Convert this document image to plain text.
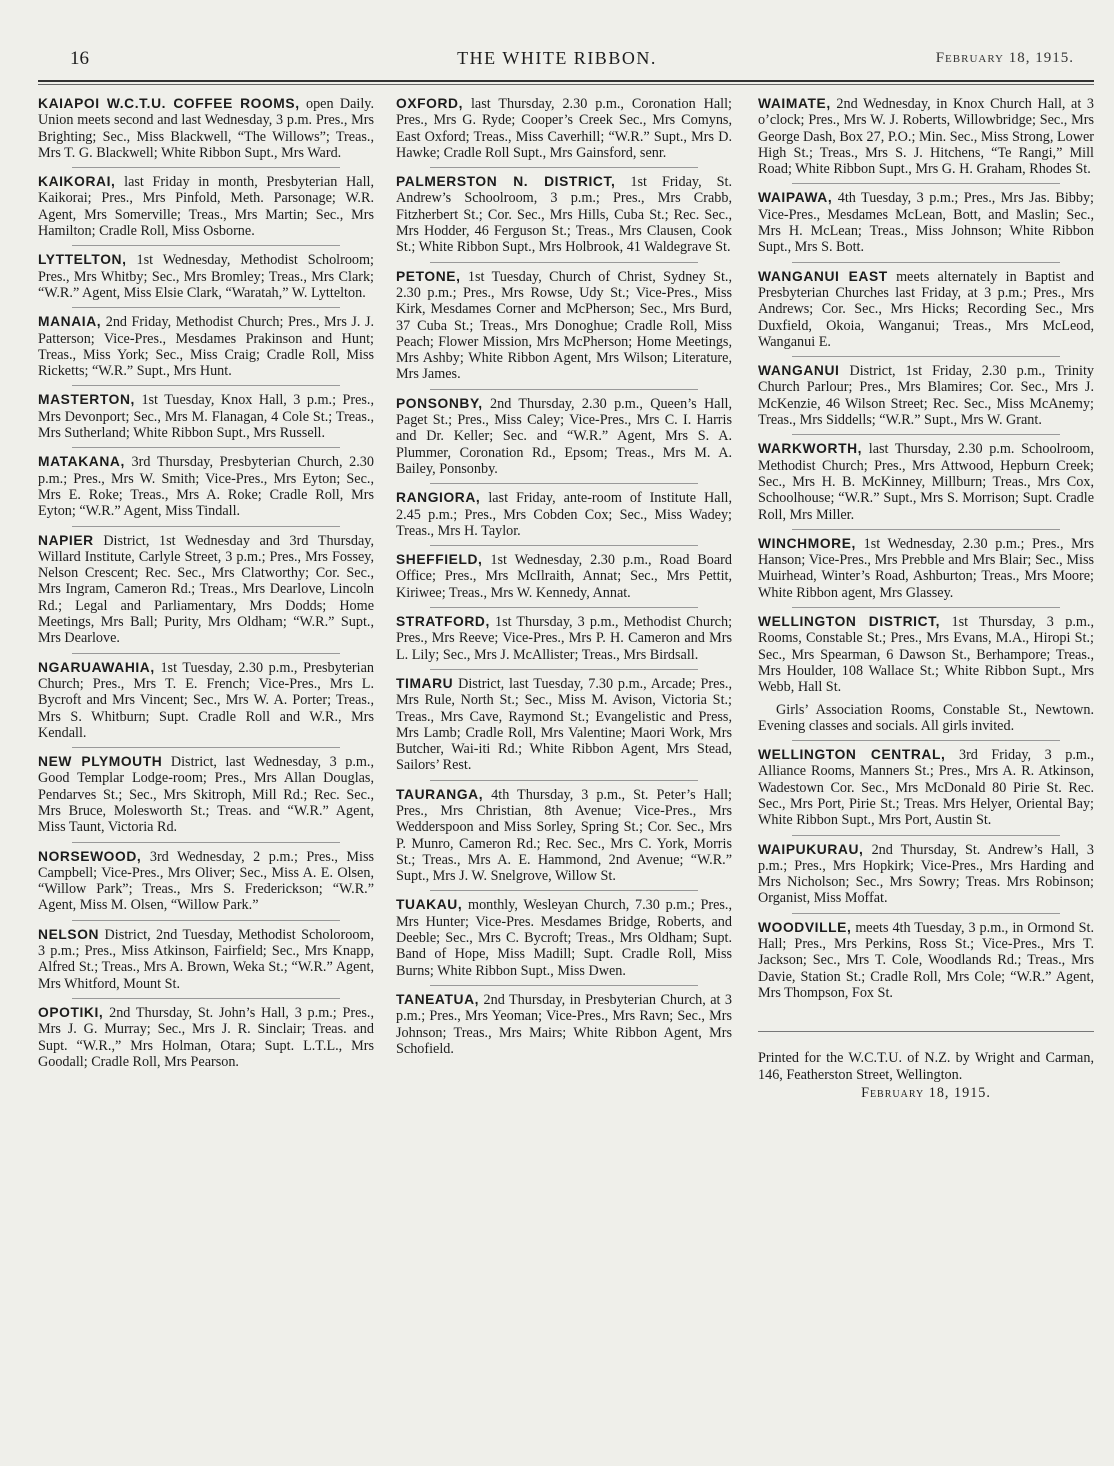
16	THE WHITE RIBBON.	February 18, 1915.
KAIAPOI W.C.T.U. COFFEE ROOMS, open Daily. Union meets second and last Wednesday, 3 p.m. Pres., Mrs Brighting; Sec., Miss Blackwell, “The Willows”; Treas., Mrs T. G. Blackwell; White Ribbon Supt., Mrs Ward.
KAIKORAI, last Friday in month, Presbyterian Hall, Kaikorai; Pres., Mrs Pinfold, Meth. Parsonage; W.R. Agent, Mrs Somerville; Treas., Mrs Martin; Sec., Mrs Hamilton; Cradle Roll, Miss Osborne.
LYTTELTON, 1st Wednesday, Methodist Scholroom; Pres., Mrs Whitby; Sec., Mrs Bromley; Treas., Mrs Clark; “W.R.” Agent, Miss Elsie Clark, “Waratah,” W. Lyttelton.
MANAIA, 2nd Friday, Methodist Church; Pres., Mrs J. J. Patterson; Vice-Pres., Mesdames Prakinson and Hunt; Treas., Miss York; Sec., Miss Craig; Cradle Roll, Miss Ricketts; “W.R.” Supt., Mrs Hunt.
MASTERTON, 1st Tuesday, Knox Hall, 3 p.m.; Pres., Mrs Devonport; Sec., Mrs M. Flanagan, 4 Cole St.; Treas., Mrs Sutherland; White Ribbon Supt., Mrs Russell.
MATAKANA, 3rd Thursday, Presbyterian Church, 2.30 p.m.; Pres., Mrs W. Smith; Vice-Pres., Mrs Eyton; Sec., Mrs E. Roke; Treas., Mrs A. Roke; Cradle Roll, Mrs Eyton; “W.R.” Agent, Miss Tindall.
NAPIER District, 1st Wednesday and 3rd Thursday, Willard Institute, Carlyle Street, 3 p.m.; Pres., Mrs Fossey, Nelson Crescent; Rec. Sec., Mrs Clatworthy; Cor. Sec., Mrs Ingram, Cameron Rd.; Treas., Mrs Dearlove, Lincoln Rd.; Legal and Parliamentary, Mrs Dodds; Home Meetings, Mrs Ball; Purity, Mrs Oldham; “W.R.” Supt., Mrs Dearlove.
NGARUAWAHIA, 1st Tuesday, 2.30 p.m., Presbyterian Church; Pres., Mrs T. E. French; Vice-Pres., Mrs L. Bycroft and Mrs Vincent; Sec., Mrs W. A. Porter; Treas., Mrs S. Whitburn; Supt. Cradle Roll and W.R., Mrs Kendall.
NEW PLYMOUTH District, last Wednesday, 3 p.m., Good Templar Lodge-room; Pres., Mrs Allan Douglas, Pendarves St.; Sec., Mrs Skitroph, Mill Rd.; Rec. Sec., Mrs Bruce, Molesworth St.; Treas. and “W.R.” Agent, Miss Taunt, Victoria Rd.
NORSEWOOD, 3rd Wednesday, 2 p.m.; Pres., Miss Campbell; Vice-Pres., Mrs Oliver; Sec., Miss A. E. Olsen, “Willow Park”; Treas., Mrs S. Frederickson; “W.R.” Agent, Miss M. Olsen, “Willow Park.”
NELSON District, 2nd Tuesday, Methodist Scholoroom, 3 p.m.; Pres., Miss Atkinson, Fairfield; Sec., Mrs Knapp, Alfred St.; Treas., Mrs A. Brown, Weka St.; “W.R.” Agent, Mrs Whitford, Mount St.
OPOTIKI, 2nd Thursday, St. John’s Hall, 3 p.m.; Pres., Mrs J. G. Murray; Sec., Mrs J. R. Sinclair; Treas. and Supt. “W.R.,” Mrs Holman, Otara; Supt. L.T.L., Mrs Goodall; Cradle Roll, Mrs Pearson.
OXFORD, last Thursday, 2.30 p.m., Coronation Hall; Pres., Mrs G. Ryde; Cooper’s Creek Sec., Mrs Comyns, East Oxford; Treas., Miss Caverhill; “W.R.” Supt., Mrs D. Hawke; Cradle Roll Supt., Mrs Gainsford, senr.
PALMERSTON N. DISTRICT, 1st Friday, St. Andrew’s Schoolroom, 3 p.m.; Pres., Mrs Crabb, Fitzherbert St.; Cor. Sec., Mrs Hills, Cuba St.; Rec. Sec., Mrs Hodder, 46 Ferguson St.; Treas., Mrs Clausen, Cook St.; White Ribbon Supt., Mrs Holbrook, 41 Waldegrave St.
PETONE, 1st Tuesday, Church of Christ, Sydney St., 2.30 p.m.; Pres., Mrs Rowse, Udy St.; Vice-Pres., Miss Kirk, Mesdames Corner and McPherson; Sec., Mrs Burd, 37 Cuba St.; Treas., Mrs Donoghue; Cradle Roll, Miss Peach; Flower Mission, Mrs McPherson; Home Meetings, Mrs Ashby; White Ribbon Agent, Mrs Wilson; Literature, Mrs James.
PONSONBY, 2nd Thursday, 2.30 p.m., Queen’s Hall, Paget St.; Pres., Miss Caley; Vice-Pres., Mrs C. I. Harris and Dr. Keller; Sec. and “W.R.” Agent, Mrs S. A. Plummer, Coronation Rd., Epsom; Treas., Mrs M. A. Bailey, Ponsonby.
RANGIORA, last Friday, ante-room of Institute Hall, 2.45 p.m.; Pres., Mrs Cobden Cox; Sec., Miss Wadey; Treas., Mrs H. Taylor.
SHEFFIELD, 1st Wednesday, 2.30 p.m., Road Board Office; Pres., Mrs McIlraith, Annat; Sec., Mrs Pettit, Kiriwee; Treas., Mrs W. Kennedy, Annat.
STRATFORD, 1st Thursday, 3 p.m., Methodist Church; Pres., Mrs Reeve; Vice-Pres., Mrs P. H. Cameron and Mrs L. Lily; Sec., Mrs J. McAllister; Treas., Mrs Birdsall.
TIMARU District, last Tuesday, 7.30 p.m., Arcade; Pres., Mrs Rule, North St.; Sec., Miss M. Avison, Victoria St.; Treas., Mrs Cave, Raymond St.; Evangelistic and Press, Mrs Lamb; Cradle Roll, Mrs Valentine; Maori Work, Mrs Butcher, Wai-iti Rd.; White Ribbon Agent, Mrs Stead, Sailors’ Rest.
TAURANGA, 4th Thursday, 3 p.m., St. Peter’s Hall; Pres., Mrs Christian, 8th Avenue; Vice-Pres., Mrs Wedderspoon and Miss Sorley, Spring St.; Cor. Sec., Mrs P. Munro, Cameron Rd.; Rec. Sec., Mrs C. York, Morris St.; Treas., Mrs A. E. Hammond, 2nd Avenue; “W.R.” Supt., Mrs J. W. Snelgrove, Willow St.
TUAKAU, monthly, Wesleyan Church, 7.30 p.m.; Pres., Mrs Hunter; Vice-Pres. Mesdames Bridge, Roberts, and Deeble; Sec., Mrs C. Bycroft; Treas., Mrs Oldham; Supt. Band of Hope, Miss Madill; Supt. Cradle Roll, Miss Burns; White Ribbon Supt., Miss Dwen.
TANEATUA, 2nd Thursday, in Presbyterian Church, at 3 p.m.; Pres., Mrs Yeoman; Vice-Pres., Mrs Ravn; Sec., Mrs Johnson; Treas., Mrs Mairs; White Ribbon Agent, Mrs Schofield.
WAIMATE, 2nd Wednesday, in Knox Church Hall, at 3 o’clock; Pres., Mrs W. J. Roberts, Willowbridge; Sec., Mrs George Dash, Box 27, P.O.; Min. Sec., Miss Strong, Lower High St.; Treas., Mrs S. J. Hitchens, “Te Rangi,” Mill Road; White Ribbon Supt., Mrs G. H. Graham, Rhodes St.
WAIPAWA, 4th Tuesday, 3 p.m.; Pres., Mrs Jas. Bibby; Vice-Pres., Mesdames McLean, Bott, and Maslin; Sec., Mrs H. McLean; Treas., Miss Johnson; White Ribbon Supt., Mrs S. Bott.
WANGANUI EAST meets alternately in Baptist and Presbyterian Churches last Friday, at 3 p.m.; Pres., Mrs Andrews; Cor. Sec., Mrs Hicks; Recording Sec., Mrs Duxfield, Okoia, Wanganui; Treas., Mrs McLeod, Wanganui E.
WANGANUI District, 1st Friday, 2.30 p.m., Trinity Church Parlour; Pres., Mrs Blamires; Cor. Sec., Mrs J. McKenzie, 46 Wilson Street; Rec. Sec., Miss McAnemy; Treas., Mrs Siddells; “W.R.” Supt., Mrs W. Grant.
WARKWORTH, last Thursday, 2.30 p.m. Schoolroom, Methodist Church; Pres., Mrs Attwood, Hepburn Creek; Sec., Mrs H. B. McKinney, Millburn; Treas., Mrs Cox, Schoolhouse; “W.R.” Supt., Mrs S. Morrison; Supt. Cradle Roll, Mrs Miller.
WINCHMORE, 1st Wednesday, 2.30 p.m.; Pres., Mrs Hanson; Vice-Pres., Mrs Prebble and Mrs Blair; Sec., Miss Muirhead, Winter’s Road, Ashburton; Treas., Mrs Moore; White Ribbon agent, Mrs Glassey.
WELLINGTON DISTRICT, 1st Thursday, 3 p.m., Rooms, Constable St.; Pres., Mrs Evans, M.A., Hiropi St.; Sec., Mrs Spearman, 6 Dawson St., Berhampore; Treas., Mrs Houlder, 108 Wallace St.; White Ribbon Supt., Mrs Webb, Hall St.
Girls’ Association Rooms, Constable St., Newtown. Evening classes and socials. All girls invited.
WELLINGTON CENTRAL, 3rd Friday, 3 p.m., Alliance Rooms, Manners St.; Pres., Mrs A. R. Atkinson, Wadestown Cor. Sec., Mrs McDonald 80 Pirie St. Rec. Sec., Mrs Port, Pirie St.; Treas. Mrs Helyer, Oriental Bay; White Ribbon Supt., Mrs Port, Austin St.
WAIPUKURAU, 2nd Thursday, St. Andrew’s Hall, 3 p.m.; Pres., Mrs Hopkirk; Vice-Pres., Mrs Harding and Mrs Nicholson; Sec., Mrs Sowry; Treas. Mrs Robinson; Organist, Miss Moffat.
WOODVILLE, meets 4th Tuesday, 3 p.m., in Ormond St. Hall; Pres., Mrs Perkins, Ross St.; Vice-Pres., Mrs T. Jackson; Sec., Mrs T. Cole, Woodlands Rd.; Treas., Mrs Davie, Station St.; Cradle Roll, Mrs Cole; “W.R.” Agent, Mrs Thompson, Fox St.
Printed for the W.C.T.U. of N.Z. by Wright and Carman, 146, Featherston Street, Wellington.
February 18, 1915.
